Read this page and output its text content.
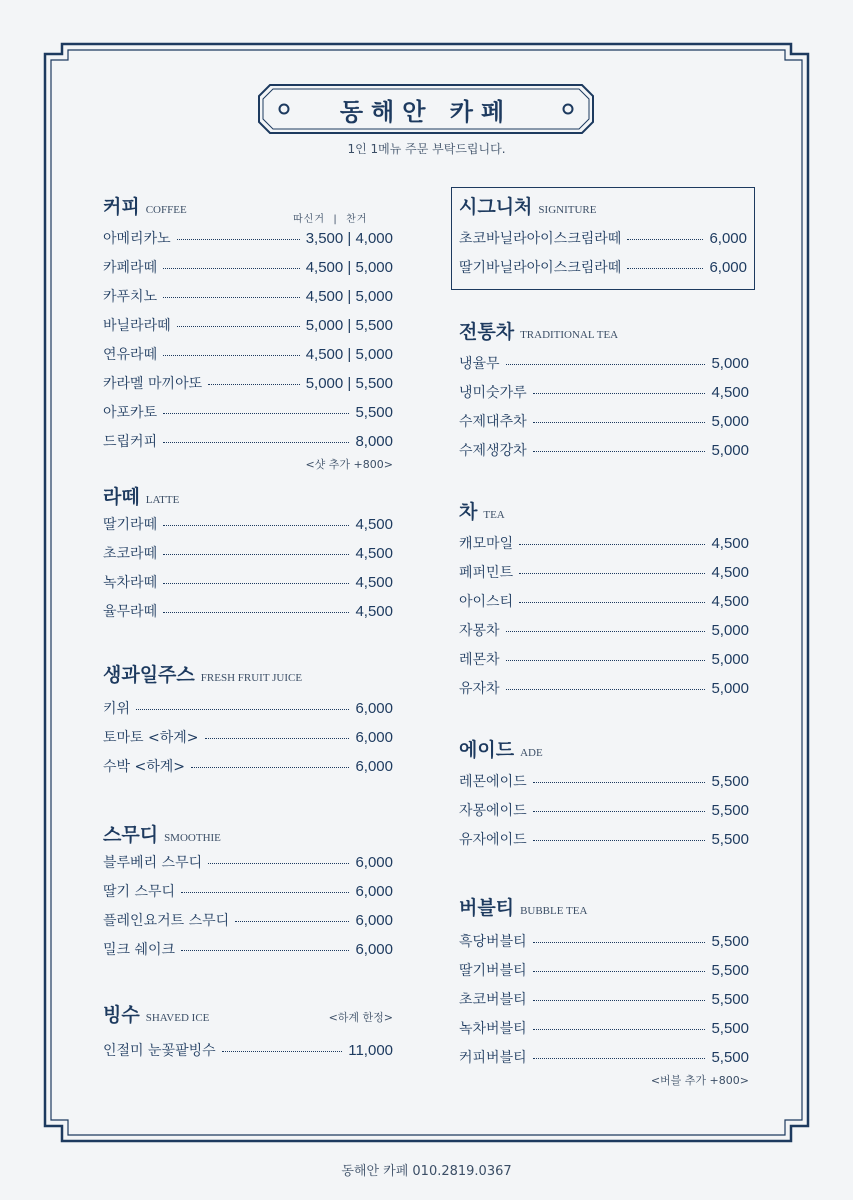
동해안 카페
1인 1메뉴 주문 부탁드립니다.
커피 COFFEE
따신거  |  찬거
아메리카노	3,500 | 4,000
카페라떼	4,500 | 5,000
카푸치노	4,500 | 5,000
바닐라라떼	5,000 | 5,500
연유라떼	4,500 | 5,000
카라멜 마끼아또	5,000 | 5,500
아포카토	5,500
드립커피	8,000
<샷 추가 +800>
라떼 LATTE
딸기라떼	4,500
초코라떼	4,500
녹차라떼	4,500
율무라떼	4,500
생과일주스 FRESH FRUIT JUICE
키위	6,000
토마토 <하계>	6,000
수박 <하계>	6,000
스무디 SMOOTHIE
블루베리 스무디	6,000
딸기 스무디	6,000
플레인요거트 스무디	6,000
밀크 쉐이크	6,000
빙수 SHAVED ICE	<하계 한정>
인절미 눈꽃팥빙수	11,000
시그니처 SIGNITURE
초코바닐라아이스크림라떼	6,000
딸기바닐라아이스크림라떼	6,000
전통차 TRADITIONAL TEA
냉율무	5,000
냉미숫가루	4,500
수제대추차	5,000
수제생강차	5,000
차 TEA
캐모마일	4,500
페퍼민트	4,500
아이스티	4,500
자몽차	5,000
레몬차	5,000
유자차	5,000
에이드 ADE
레몬에이드	5,500
자몽에이드	5,500
유자에이드	5,500
버블티 BUBBLE TEA
흑당버블티	5,500
딸기버블티	5,500
초코버블티	5,500
녹차버블티	5,500
커피버블티	5,500
<버블 추가 +800>
동해안 카페 010.2819.0367
